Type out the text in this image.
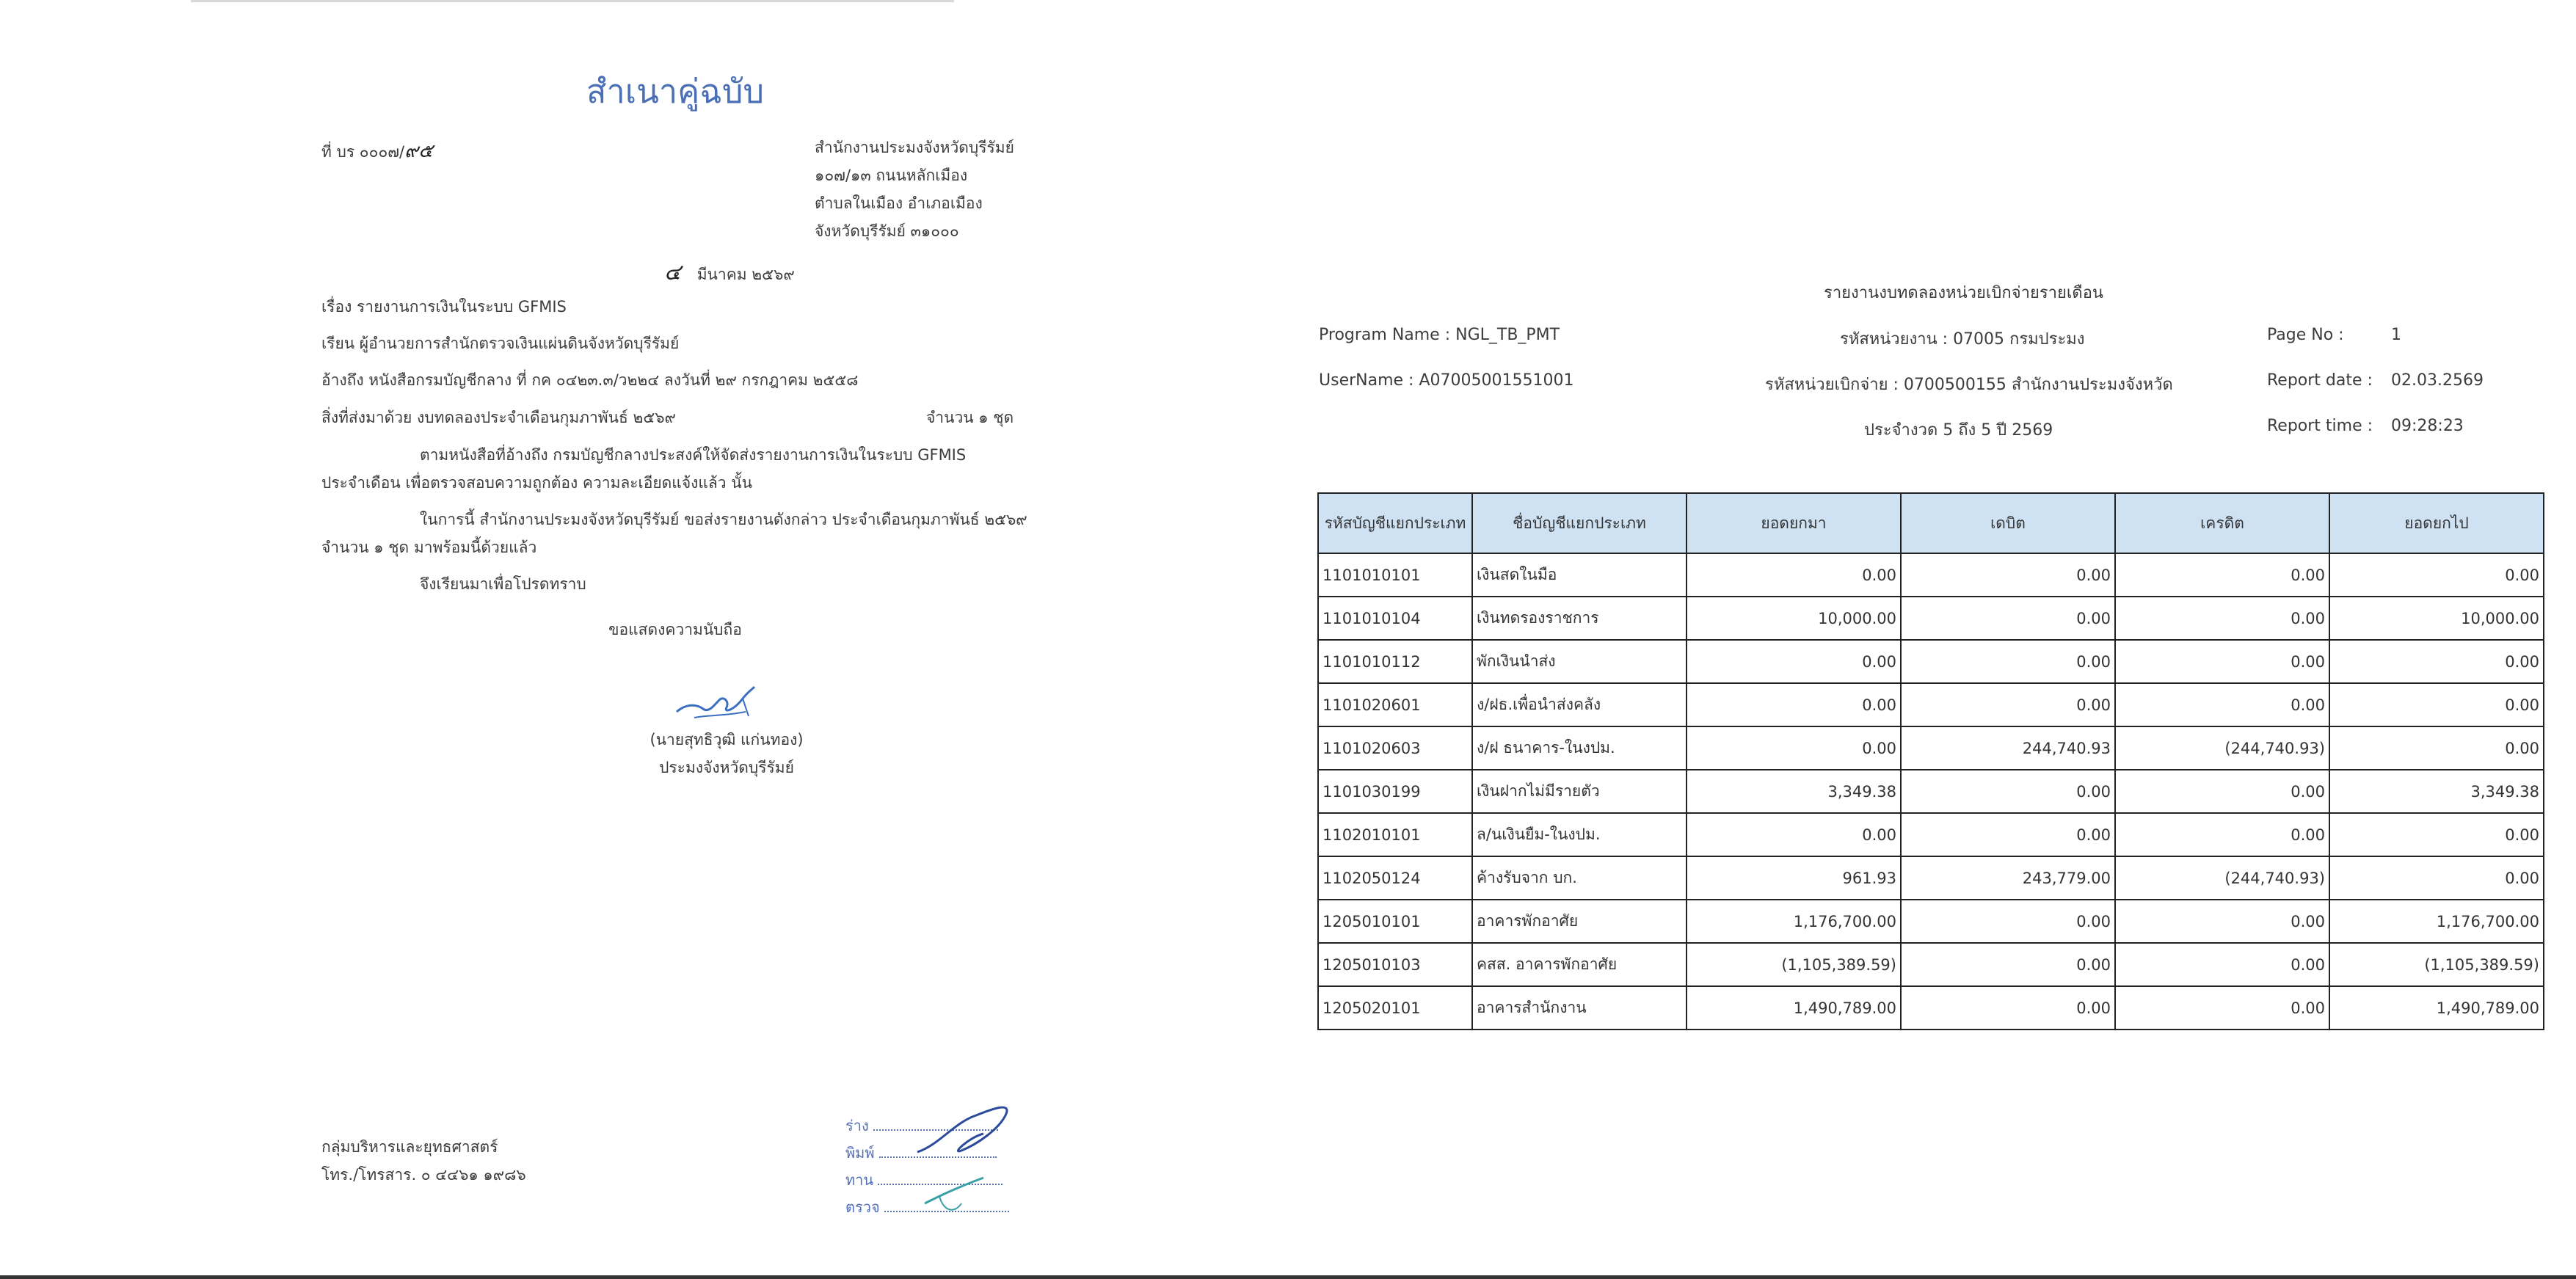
สำเนาคู่ฉบับ
ที่ บร ๐๐๐๗/๙๕	สำนักงานประมงจังหวัดบุรีรัมย์
๑๐๗/๑๓ ถนนหลักเมือง
ตำบลในเมือง อำเภอเมือง
จังหวัดบุรีรัมย์ ๓๑๐๐๐
๔ มีนาคม ๒๕๖๙
เรื่อง รายงานการเงินในระบบ GFMIS
เรียน ผู้อำนวยการสำนักตรวจเงินแผ่นดินจังหวัดบุรีรัมย์
อ้างถึง หนังสือกรมบัญชีกลาง ที่ กค ๐๔๒๓.๓/ว๒๒๔ ลงวันที่ ๒๙ กรกฎาคม ๒๕๕๘
สิ่งที่ส่งมาด้วย งบทดลองประจำเดือนกุมภาพันธ์ ๒๕๖๙	จำนวน ๑ ชุด
ตามหนังสือที่อ้างถึง กรมบัญชีกลางประสงค์ให้จัดส่งรายงานการเงินในระบบ GFMIS
ประจำเดือน เพื่อตรวจสอบความถูกต้อง ความละเอียดแจ้งแล้ว นั้น
ในการนี้ สำนักงานประมงจังหวัดบุรีรัมย์ ขอส่งรายงานดังกล่าว ประจำเดือนกุมภาพันธ์ ๒๕๖๙
จำนวน ๑ ชุด มาพร้อมนี้ด้วยแล้ว
จึงเรียนมาเพื่อโปรดทราบ
ขอแสดงความนับถือ
(นายสุทธิวุฒิ แก่นทอง)
ประมงจังหวัดบุรีรัมย์
กลุ่มบริหารและยุทธศาสตร์
โทร./โทรสาร. ๐ ๔๔๖๑ ๑๙๘๖
ร่าง
พิมพ์
ทาน
ตรวจ
รายงานงบทดลองหน่วยเบิกจ่ายรายเดือน
Program Name : NGL_TB_PMT
UserName : A07005001551001
รหัสหน่วยงาน : 07005 กรมประมง
รหัสหน่วยเบิกจ่าย : 0700500155 สำนักงานประมงจังหวัด
ประจำงวด 5 ถึง 5 ปี 2569
Page No :	1
Report date : 02.03.2569
Report time : 09:28:23
รหัสบัญชีแยกประเภท	ชื่อบัญชีแยกประเภท	ยอดยกมา	เดบิต	เครดิต	ยอดยกไป
1101010101	เงินสดในมือ	0.00	0.00	0.00	0.00
1101010104	เงินทดรองราชการ	10,000.00	0.00	0.00	10,000.00
1101010112	พักเงินนำส่ง	0.00	0.00	0.00	0.00
1101020601	ง/ฝธ.เพื่อนำส่งคลัง	0.00	0.00	0.00	0.00
1101020603	ง/ฝ ธนาคาร-ในงปม.	0.00	244,740.93	(244,740.93)	0.00
1101030199	เงินฝากไม่มีรายตัว	3,349.38	0.00	0.00	3,349.38
1102010101	ล/นเงินยืม-ในงปม.	0.00	0.00	0.00	0.00
1102050124	ค้างรับจาก บก.	961.93	243,779.00	(244,740.93)	0.00
1205010101	อาคารพักอาศัย	1,176,700.00	0.00	0.00	1,176,700.00
1205010103	คสส. อาคารพักอาศัย	(1,105,389.59)	0.00	0.00	(1,105,389.59)
1205020101	อาคารสำนักงาน	1,490,789.00	0.00	0.00	1,490,789.00
